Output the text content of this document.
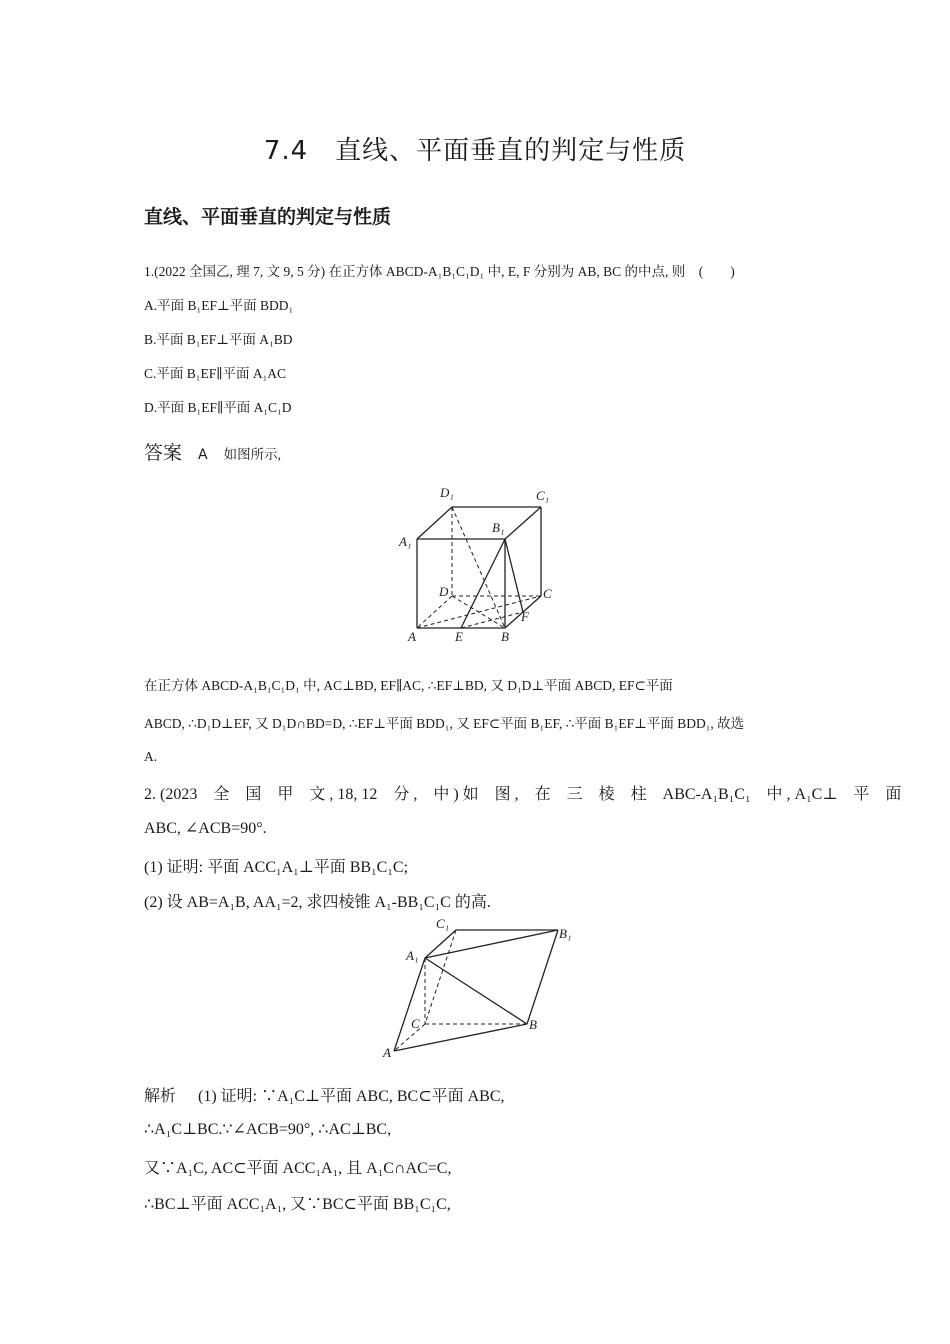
7.4　直线、平面垂直的判定与性质
直线、平面垂直的判定与性质
1.(2022 全国乙, 理 7, 文 9, 5 分) 在正方体 ABCD-A₁B₁C₁D₁ 中, E, F 分别为 AB, BC 的中点, 则　(　　)
A.平面 B₁EF⊥平面 BDD₁
B.平面 B₁EF⊥平面 A₁BD
C.平面 B₁EF∥平面 A₁AC
D.平面 B₁EF∥平面 A₁C₁D
答案 A 如图所示,
D₁	C₁
A₁
B₁
D	C
A	E	B
F
在正方体 ABCD-A₁B₁C₁D₁ 中, AC⊥BD, EF∥AC, ∴EF⊥BD, 又 D₁D⊥平面 ABCD, EF⊂平面
ABCD, ∴D₁D⊥EF, 又 D₁D∩BD=D, ∴EF⊥平面 BDD₁, 又 EF⊂平面 B₁EF, ∴平面 B₁EF⊥平面 BDD₁, 故选
A.
2. (2023　全　国　甲　文 , 18, 12　分 ,　中 ) 如　图 ,　在　三　棱　柱　ABC-A₁B₁C₁　中 , A₁C⊥　平　面
ABC, ∠ACB=90°.
(1) 证明: 平面 ACC₁A₁⊥平面 BB₁C₁C;
(2) 设 AB=A₁B, AA₁=2, 求四棱锥 A₁-BB₁C₁C 的高.
C₁
B₁
A₁
C	B
A
解析 (1) 证明: ∵A₁C⊥平面 ABC, BC⊂平面 ABC,
∴A₁C⊥BC.∵∠ACB=90°, ∴AC⊥BC,
又∵A₁C, AC⊂平面 ACC₁A₁, 且 A₁C∩AC=C,
∴BC⊥平面 ACC₁A₁, 又∵BC⊂平面 BB₁C₁C,
